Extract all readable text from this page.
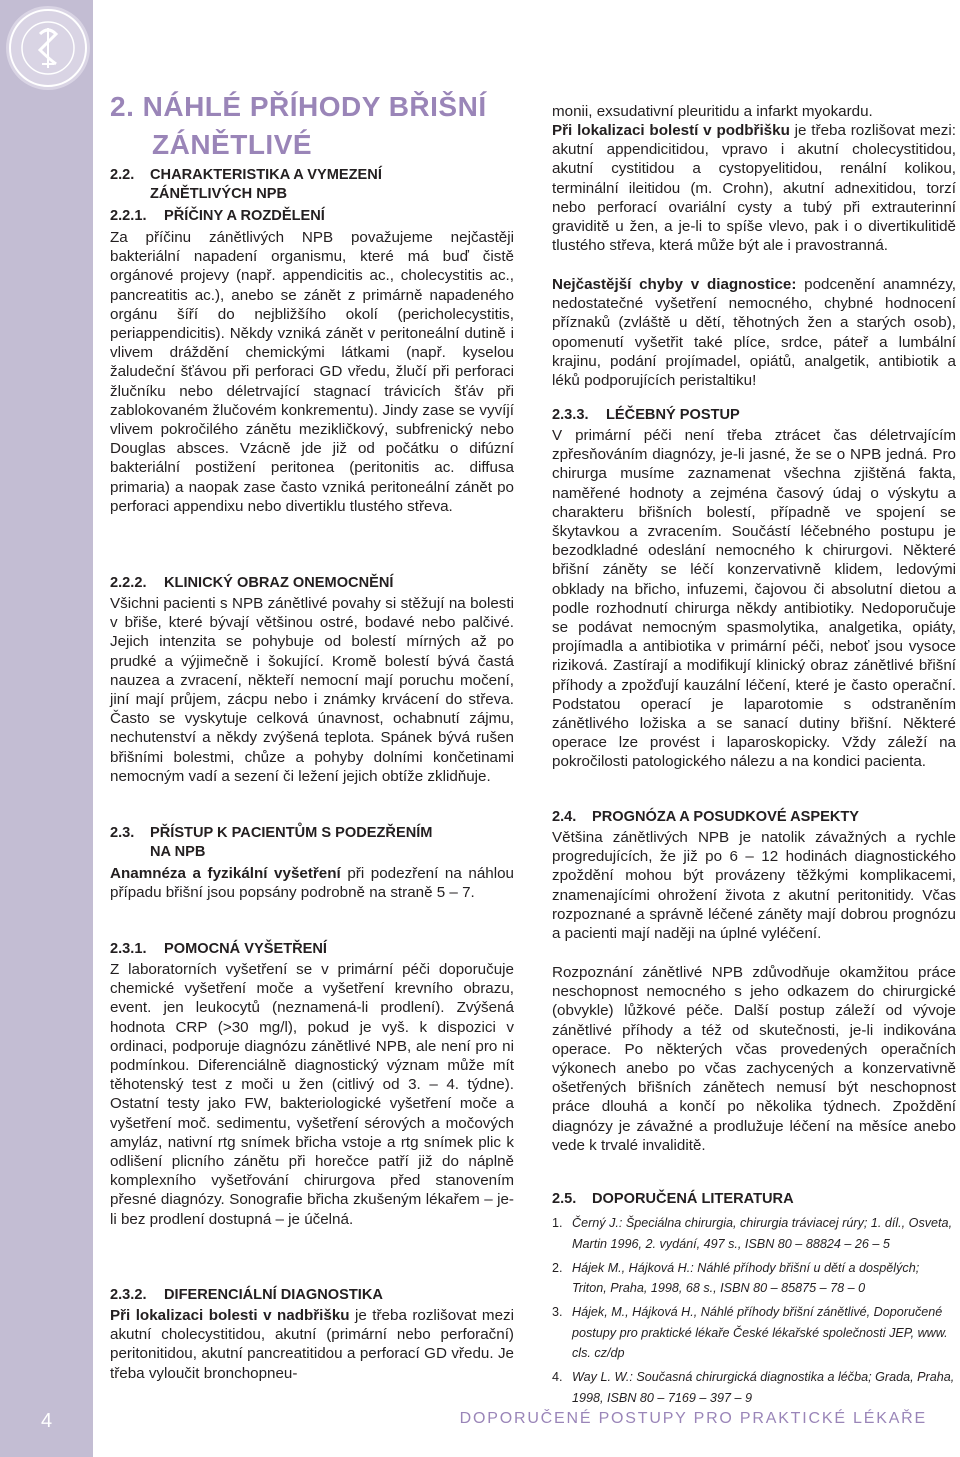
4
2. NÁHLÉ PŘÍHODY BŘIŠNÍ
ZÁNĚTLIVÉ
2.2. CHARAKTERISTIKA A VYMEZENÍ
ZÁNĚTLIVÝCH NPB
2.2.1. PŘÍČINY A ROZDĚLENÍ

Za příčinu zánětlivých NPB považujeme nejčastěji bakteriální napadení organismu, které má buď čistě orgánové projevy (např. appendicitis ac., cholecystitis ac., pancreatitis ac.), anebo se zánět z primárně napadeného orgánu šíří do nejbližšího okolí (pericholecystitis, periappendicitis). Někdy vzniká zánět v peritoneální dutině i vlivem dráždění chemickými látkami (např. kyselou žaludeční šťávou při perforaci GD vředu, žlučí při perforaci žlučníku nebo déletrvající stagnací trávicích šťáv při zablokovaném žlučovém konkrementu). Jindy zase se vyvíjí vlivem pokročilého zánětu mezikličkový, subfrenický nebo Douglas absces. Vzácně jde již od počátku o difúzní bakteriální postižení peritonea (peritonitis ac. diffusa primaria) a naopak zase často vzniká peritoneální zánět po perforaci appendixu nebo divertiklu tlustého střeva.

2.2.2. KLINICKÝ OBRAZ ONEMOCNĚNÍ

Všichni pacienti s NPB zánětlivé povahy si stěžují na bolesti v břiše, které bývají většinou ostré, bodavé nebo palčivé. Jejich intenzita se pohybuje od bolestí mírných až po prudké a výjimečně i šokující. Kromě bolestí bývá častá nauzea a zvracení, někteří nemocní mají poruchu močení, jiní mají průjem, zácpu nebo i známky krvácení do střeva. Často se vyskytuje celková únavnost, ochabnutí zájmu, nechutenství a někdy zvýšená teplota. Spánek bývá rušen břišními bolestmi, chůze a pohyby dolními končetinami nemocným vadí a sezení či ležení jejich obtíže zklidňuje.

2.3. PŘÍSTUP K PACIENTŮM S PODEZŘENÍM
NA NPB

Anamnéza a fyzikální vyšetření při podezření na náhlou případu břišní jsou popsány podrobně na straně 5 – 7.

2.3.1. POMOCNÁ VYŠETŘENÍ

Z laboratorních vyšetření se v primární péči doporučuje chemické vyšetření moče a vyšetření krevního obrazu, event. jen leukocytů (neznamená-li prodlení). Zvýšená hodnota CRP (>30 mg/l), pokud je vyš. k dispozici v ordinaci, podporuje diagnózu zánětlivé NPB, ale není pro ni podmínkou. Diferenciálně diagnostický význam může mít těhotenský test z moči u žen (citlivý od 3. – 4. týdne). Ostatní testy jako FW, bakteriologické vyšetření moče a vyšetření moč. sedimentu, vyšetření sérových a močových amyláz, nativní rtg snímek břicha vstoje a rtg snímek plic k odlišení plicního zánětu při horečce patří již do náplně komplexního vyšetřování chirurgova před stanovením přesné diagnózy. Sonografie břicha zkušeným lékařem – je-li bez prodlení dostupná – je účelná.

2.3.2. DIFERENCIÁLNÍ DIAGNOSTIKA

Při lokalizaci bolesti v nadbřišku je třeba rozlišovat mezi akutní cholecystitidou, akutní (primární nebo perforační) peritonitidou, akutní pancreatitidou a perforací GD vředu. Je třeba vyloučit bronchopneu-

monii, exsudativní pleuritidu a infarkt myokardu.

Při lokalizaci bolestí v podbřišku je třeba rozlišovat mezi: akutní appendicitidou, vpravo i akutní cholecystitidou, akutní cystitidou a cystopyelitidou, renální kolikou, terminální ileitidou (m. Crohn), akutní adnexitidou, torzí nebo perforací ovariální cysty a tubý při extrauterinní graviditě u žen, a je-li to spíše vlevo, pak i o divertikulitidě tlustého střeva, která může být ale i pravostranná.

Nejčastější chyby v diagnostice: podcenění anamnézy, nedostatečné vyšetření nemocného, chybné hodnocení příznaků (zvláště u dětí, těhotných žen a starých osob), opomenutí vyšetřit také plíce, srdce, páteř a lumbální krajinu, podání projímadel, opiátů, analgetik, antibiotik a léků podporujících peristaltiku!

2.3.3. LÉČEBNÝ POSTUP

V primární péči není třeba ztrácet čas déletrvajícím zpřesňováním diagnózy, je-li jasné, že se o NPB jedná. Pro chirurga musíme zaznamenat všechna zjištěná fakta, naměřené hodnoty a zejména časový údaj o výskytu a charakteru břišních bolestí, případně ve spojení se škytavkou a zvracením. Součástí léčebného postupu je bezodkladné odeslání nemocného k chirurgovi. Některé břišní záněty se léčí konzervativně klidem, ledovými obklady na břicho, infuzemi, čajovou či absolutní dietou a podle rozhodnutí chirurga někdy antibiotiky. Nedoporučuje se podávat nemocným spasmolytika, analgetika, opiáty, projímadla a antibiotika v primární péči, neboť jsou vysoce riziková. Zastírají a modifikují klinický obraz zánětlivé břišní příhody a zpožďují kauzální léčení, které je často operační. Podstatou operací je laparotomie s odstraněním zánětlivého ložiska a se sanací dutiny břišní. Některé operace lze provést i laparoskopicky. Vždy záleží na pokročilosti patologického nálezu a na kondici pacienta.

2.4. PROGNÓZA A POSUDKOVÉ ASPEKTY

Většina zánětlivých NPB je natolik závažných a rychle progredujících, že již po 6 – 12 hodinách diagnostického zpoždění mohou být provázeny těžkými komplikacemi, znamenajícími ohrožení života z akutní peritonitidy. Včas rozpoznané a správně léčené záněty mají dobrou prognózu a pacienti mají naději na úplné vyléčení.

Rozpoznání zánětlivé NPB zdůvodňuje okamžitou práce neschopnost nemocného s jeho odkazem do chirurgické (obvykle) lůžkové péče. Další postup záleží od vývoje zánětlivé příhody a též od skutečnosti, je-li indikována operace. Po některých včas provedených operačních výkonech anebo po včas zachycených a konzervativně ošetřených břišních zánětech nemusí být neschopnost práce dlouhá a končí po několika týdnech. Zpoždění diagnózy je závažné a prodlužuje léčení na měsíce anebo vede k trvalé invaliditě.

2.5. DOPORUČENÁ LITERATURA
1. Černý J.: Špeciálna chirurgia, chirurgia tráviacej rúry; 1. díl., Osveta, Martin 1996, 2. vydání, 497 s., ISBN 80 – 88824 – 26 – 5
2. Hájek M., Hájková H.: Náhlé příhody břišní u dětí a dospělých; Triton, Praha, 1998, 68 s., ISBN 80 – 85875 – 78 – 0
3. Hájek, M., Hájková H., Náhlé příhody břišní zánětlivé, Doporučené postupy pro praktické lékaře České lékařské společnosti JEP, www. cls. cz/dp
4. Way L. W.: Současná chirurgická diagnostika a léčba; Grada, Praha, 1998, ISBN 80 – 7169 – 397 – 9
DOPORUČENÉ POSTUPY PRO PRAKTICKÉ LÉKAŘE
